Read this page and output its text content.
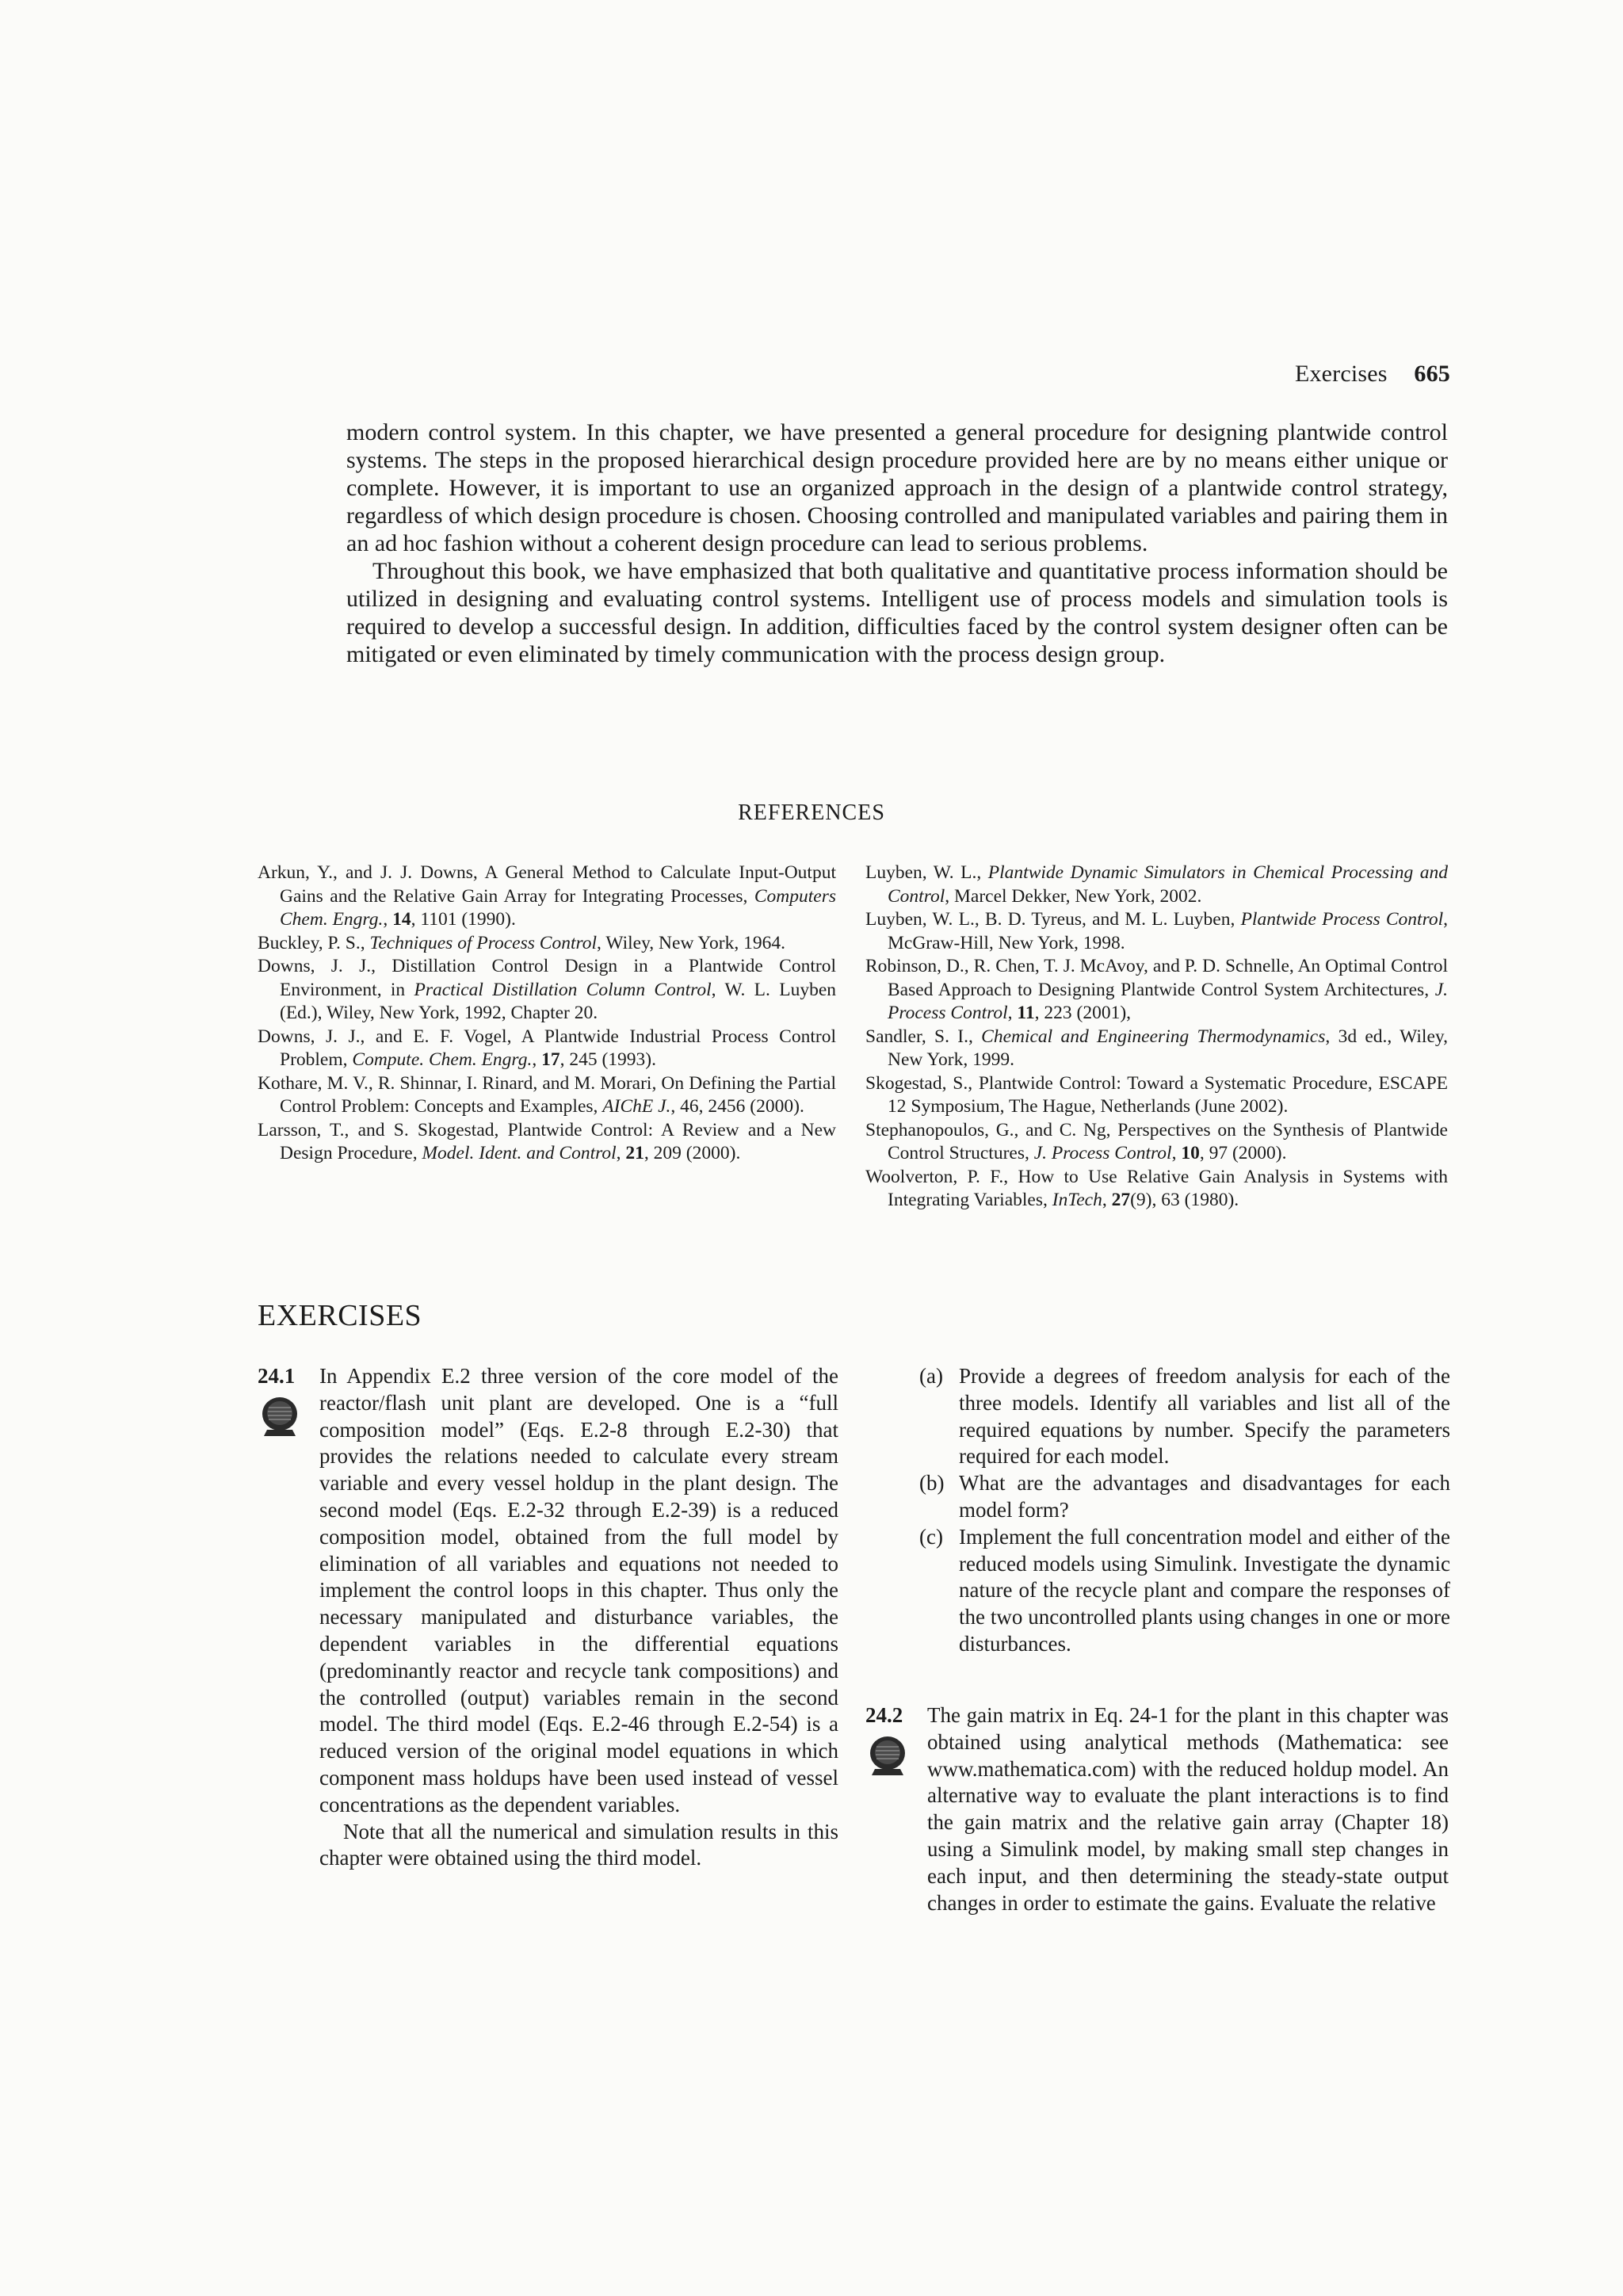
Exercises 665

modern control system. In this chapter, we have presented a general procedure for designing plantwide control systems. The steps in the proposed hierarchical design procedure provided here are by no means either unique or complete. However, it is important to use an organized approach in the design of a plantwide control strategy, regardless of which design procedure is chosen. Choosing controlled and manipulated variables and pairing them in an ad hoc fashion without a coherent design procedure can lead to serious problems.

Throughout this book, we have emphasized that both qualitative and quantitative process information should be utilized in designing and evaluating control systems. Intelligent use of process models and simulation tools is required to develop a successful design. In addition, difficulties faced by the control system designer often can be mitigated or even eliminated by timely communication with the process design group.

REFERENCES
Arkun, Y., and J. J. Downs, A General Method to Calculate Input-Output Gains and the Relative Gain Array for Integrating Processes, Computers Chem. Engrg., 14, 1101 (1990).
Buckley, P. S., Techniques of Process Control, Wiley, New York, 1964.
Downs, J. J., Distillation Control Design in a Plantwide Control Environment, in Practical Distillation Column Control, W. L. Luyben (Ed.), Wiley, New York, 1992, Chapter 20.
Downs, J. J., and E. F. Vogel, A Plantwide Industrial Process Control Problem, Compute. Chem. Engrg., 17, 245 (1993).
Kothare, M. V., R. Shinnar, I. Rinard, and M. Morari, On Defining the Partial Control Problem: Concepts and Examples, AIChE J., 46, 2456 (2000).
Larsson, T., and S. Skogestad, Plantwide Control: A Review and a New Design Procedure, Model. Ident. and Control, 21, 209 (2000).
Luyben, W. L., Plantwide Dynamic Simulators in Chemical Processing and Control, Marcel Dekker, New York, 2002.
Luyben, W. L., B. D. Tyreus, and M. L. Luyben, Plantwide Process Control, McGraw-Hill, New York, 1998.
Robinson, D., R. Chen, T. J. McAvoy, and P. D. Schnelle, An Optimal Control Based Approach to Designing Plantwide Control System Architectures, J. Process Control, 11, 223 (2001),
Sandler, S. I., Chemical and Engineering Thermodynamics, 3d ed., Wiley, New York, 1999.
Skogestad, S., Plantwide Control: Toward a Systematic Procedure, ESCAPE 12 Symposium, The Hague, Netherlands (June 2002).
Stephanopoulos, G., and C. Ng, Perspectives on the Synthesis of Plantwide Control Structures, J. Process Control, 10, 97 (2000).
Woolverton, P. F., How to Use Relative Gain Analysis in Systems with Integrating Variables, InTech, 27(9), 63 (1980).
EXERCISES
24.1 In Appendix E.2 three version of the core model of the reactor/flash unit plant are developed. One is a “full composition model” (Eqs. E.2-8 through E.2-30) that provides the relations needed to calculate every stream variable and every vessel holdup in the plant design. The second model (Eqs. E.2-32 through E.2-39) is a reduced composition model, obtained from the full model by elimination of all variables and equations not needed to implement the control loops in this chapter. Thus only the necessary manipulated and disturbance variables, the dependent variables in the differential equations (predominantly reactor and recycle tank compositions) and the controlled (output) variables remain in the second model. The third model (Eqs. E.2-46 through E.2-54) is a reduced version of the original model equations in which component mass holdups have been used instead of vessel concentrations as the dependent variables.

Note that all the numerical and simulation results in this chapter were obtained using the third model.

(a) Provide a degrees of freedom analysis for each of the three models. Identify all variables and list all of the required equations by number. Specify the parameters required for each model.
(b) What are the advantages and disadvantages for each model form?
(c) Implement the full concentration model and either of the reduced models using Simulink. Investigate the dynamic nature of the recycle plant and compare the responses of the two uncontrolled plants using changes in one or more disturbances.
24.2 The gain matrix in Eq. 24-1 for the plant in this chapter was obtained using analytical methods (Mathematica: see www.mathematica.com) with the reduced holdup model. An alternative way to evaluate the plant interactions is to find the gain matrix and the relative gain array (Chapter 18) using a Simulink model, by making small step changes in each input, and then determining the steady-state output changes in order to estimate the gains. Evaluate the relative
